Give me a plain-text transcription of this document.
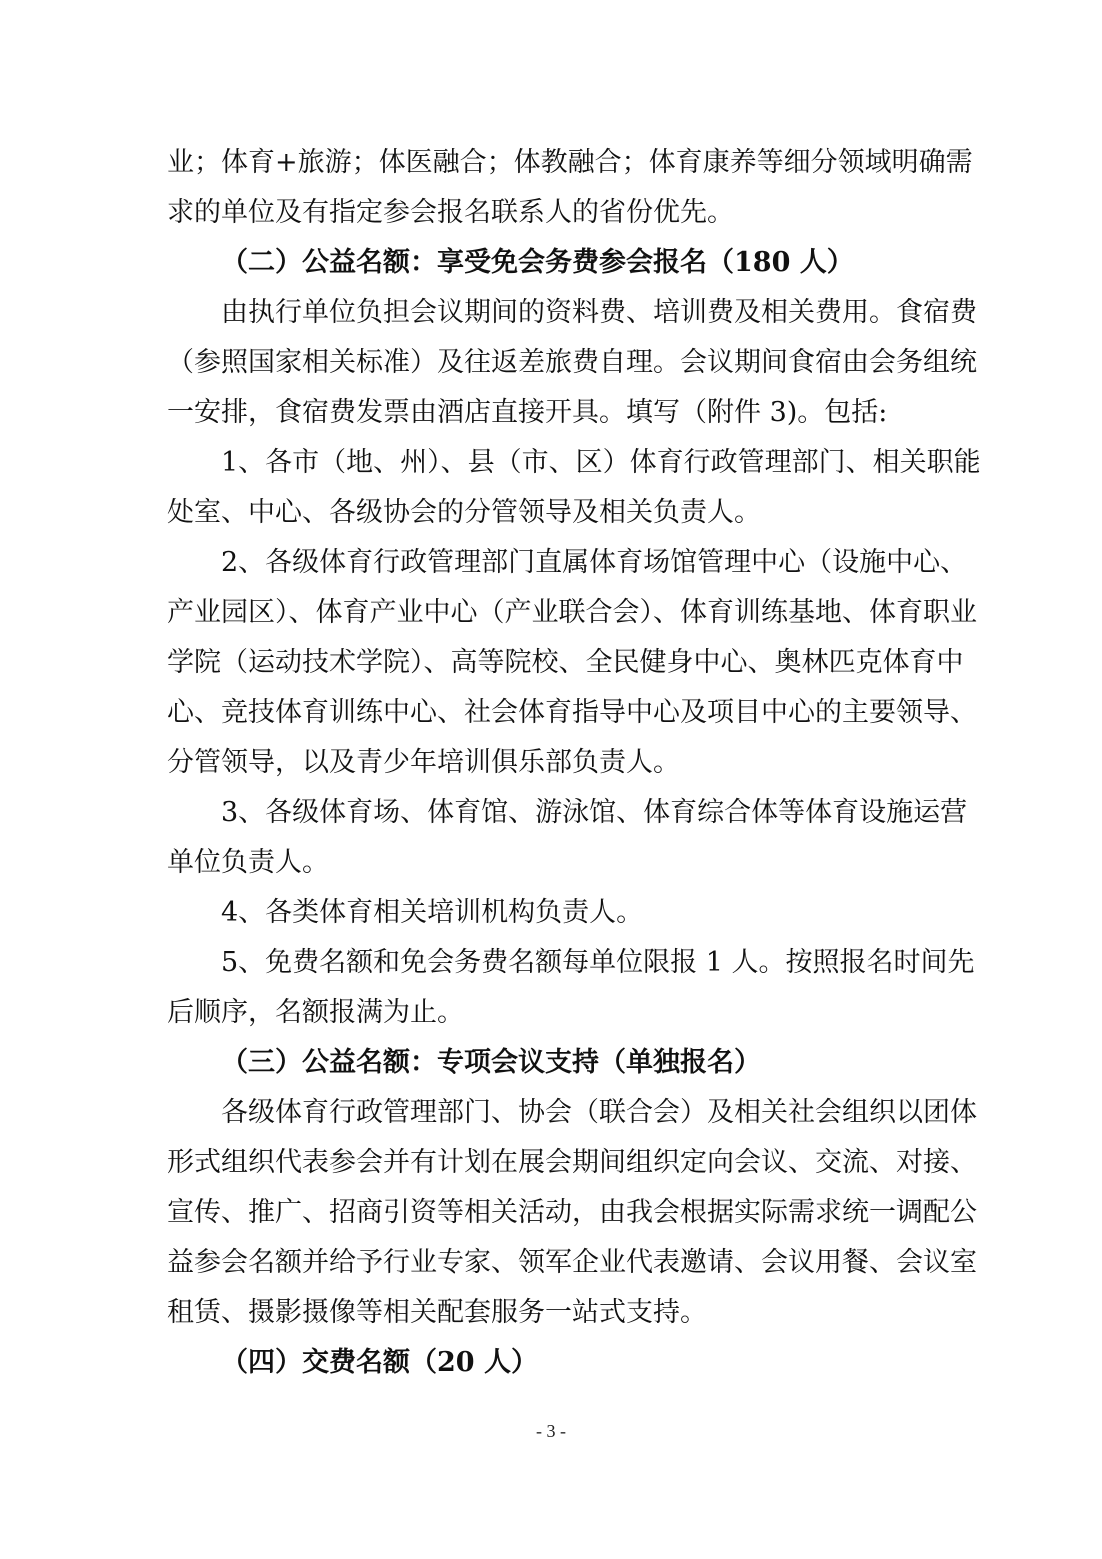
业；体育+旅游；体医融合；体教融合；体育康养等细分领域明确需
求的单位及有指定参会报名联系人的省份优先。
（二）公益名额：享受免会务费参会报名（180 人）
由执行单位负担会议期间的资料费、培训费及相关费用。食宿费
（参照国家相关标准）及往返差旅费自理。会议期间食宿由会务组统
一安排，食宿费发票由酒店直接开具。填写（附件 3)。包括:
1、各市（地、州）、县（市、区）体育行政管理部门、相关职能
处室、中心、各级协会的分管领导及相关负责人。
2、各级体育行政管理部门直属体育场馆管理中心（设施中心、
产业园区）、体育产业中心（产业联合会）、体育训练基地、体育职业
学院（运动技术学院）、高等院校、全民健身中心、奥林匹克体育中
心、竞技体育训练中心、社会体育指导中心及项目中心的主要领导、
分管领导，以及青少年培训俱乐部负责人。
3、各级体育场、体育馆、游泳馆、体育综合体等体育设施运营
单位负责人。
4、各类体育相关培训机构负责人。
5、免费名额和免会务费名额每单位限报 1 人。按照报名时间先
后顺序，名额报满为止。
（三）公益名额：专项会议支持（单独报名）
各级体育行政管理部门、协会（联合会）及相关社会组织以团体
形式组织代表参会并有计划在展会期间组织定向会议、交流、对接、
宣传、推广、招商引资等相关活动，由我会根据实际需求统一调配公
益参会名额并给予行业专家、领军企业代表邀请、会议用餐、会议室
租赁、摄影摄像等相关配套服务一站式支持。
（四）交费名额（20 人）
- 3 -
